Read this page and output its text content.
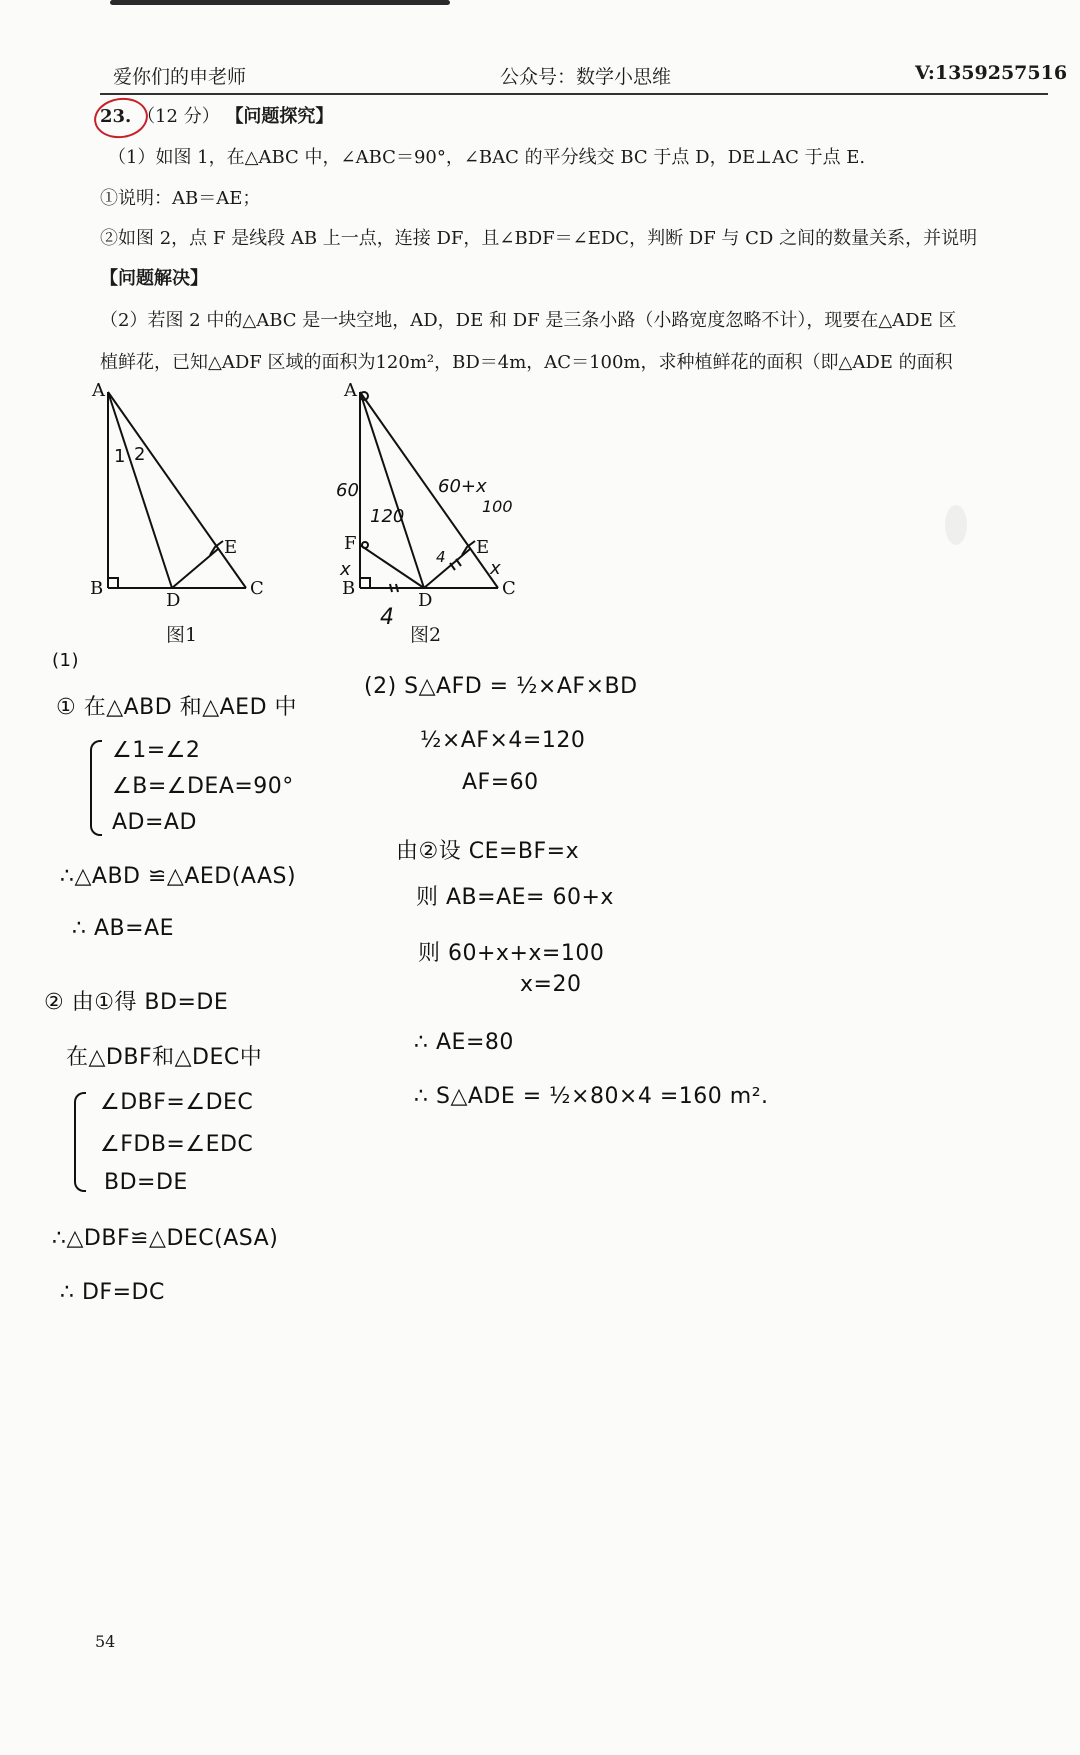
爱你们的申老师	公众号：数学小思维	V:1359257516
23. （12 分） 【问题探究】
（1）如图 1，在△ABC 中，∠ABC＝90°，∠BAC 的平分线交 BC 于点 D，DE⊥AC 于点 E.
①说明：AB＝AE；
②如图 2，点 F 是线段 AB 上一点，连接 DF，且∠BDF＝∠EDC，判断 DF 与 CD 之间的数量关系，并说明
【问题解决】
（2）若图 2 中的△ABC 是一块空地，AD，DE 和 DF 是三条小路（小路宽度忽略不计），现要在△ADE 区
植鲜花，已知△ADF 区域的面积为120m²，BD＝4m，AC＝100m，求种植鲜花的面积（即△ADE 的面积
A
B	C
D
E
1 2
A
B	C
D
E
F
60
120
60+x
100
x	x
4
4
图1	图2
(1)
① 在△ABD 和△AED 中
∠1=∠2
∠B=∠DEA=90°
AD=AD
∴△ABD ≌△AED(AAS)
∴ AB=AE
② 由①得 BD=DE
在△DBF和△DEC中
∠DBF=∠DEC
∠FDB=∠EDC
BD=DE
∴△DBF≌△DEC(ASA)
∴ DF=DC
(2) S△AFD = ½×AF×BD
½×AF×4=120
AF=60
由②设 CE=BF=x
则 AB=AE= 60+x
则 60+x+x=100
x=20
∴ AE=80
∴ S△ADE = ½×80×4 =160 m².
54
